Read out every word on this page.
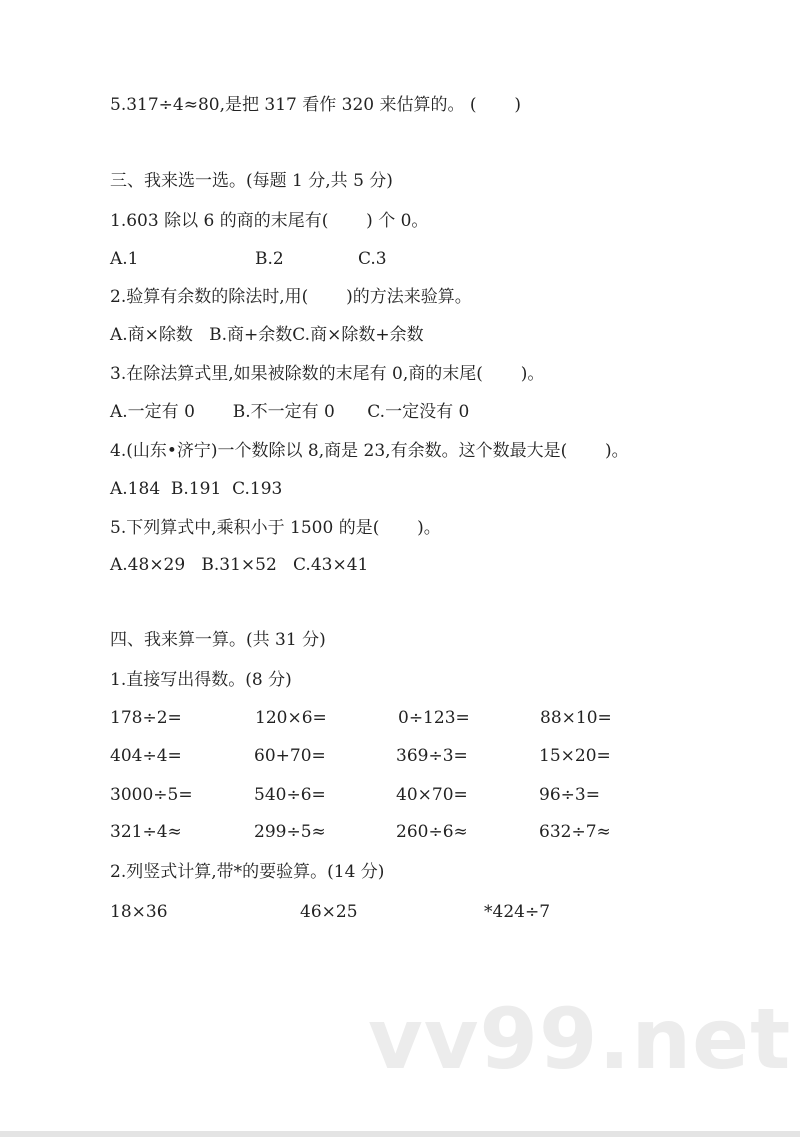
5.317÷4≈80,是把 317 看作 320 来估算的。 (       )
三、我来选一选。(每题 1 分,共 5 分)
1.603 除以 6 的商的末尾有(       ) 个 0。
A.1	B.2	C.3
2.验算有余数的除法时,用(       )的方法来验算。
A.商×除数   B.商+余数C.商×除数+余数
3.在除法算式里,如果被除数的末尾有 0,商的末尾(       )。
A.一定有 0       B.不一定有 0      C.一定没有 0
4.(山东•济宁)一个数除以 8,商是 23,有余数。这个数最大是(       )。
A.184  B.191  C.193
5.下列算式中,乘积小于 1500 的是(       )。
A.48×29   B.31×52   C.43×41
四、我来算一算。(共 31 分)
1.直接写出得数。(8 分)
178÷2=	120×6=	0÷123=	88×10=
404÷4=	60+70=	369÷3=	15×20=
3000÷5=	540÷6=	40×70=	96÷3=
321÷4≈	299÷5≈	260÷6≈	632÷7≈
2.列竖式计算,带*的要验算。(14 分)
18×36	46×25	*424÷7
vv99.net
